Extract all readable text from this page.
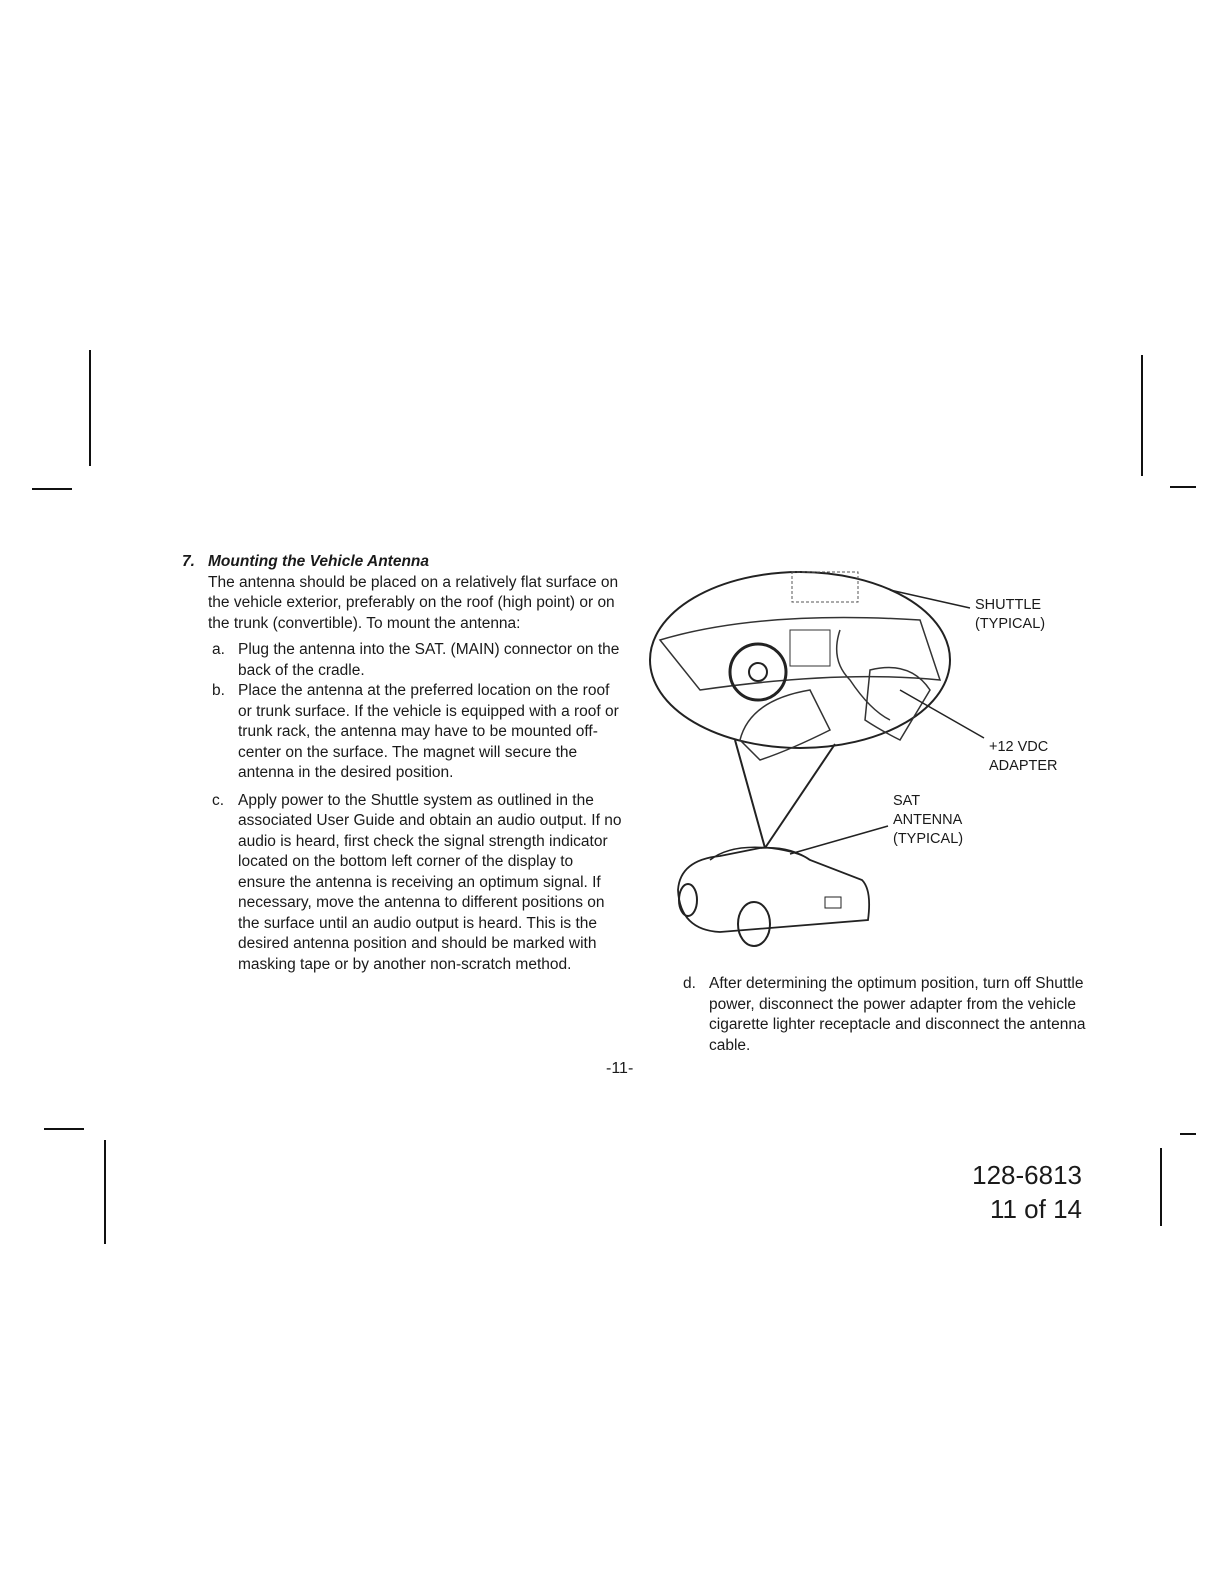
7. Mounting the Vehicle Antenna
The antenna should be placed on a relatively flat surface on the vehicle exterior, preferably on the roof (high point) or on the trunk (convertible). To mount the antenna:
a. Plug the antenna into the SAT. (MAIN) connector on the back of the cradle.
b. Place the antenna at the preferred location on the roof or trunk surface. If the vehicle is equipped with a roof or trunk rack, the antenna may have to be mounted off-center on the surface. The magnet will secure the antenna in the desired position.
c. Apply power to the Shuttle system as outlined in the associated User Guide and obtain an audio output. If no audio is heard, first check the signal strength indicator located on the bottom left corner of the display to ensure the antenna is receiving an optimum signal. If necessary, move the antenna to different positions on the surface until an audio output is heard. This is the desired antenna position and should be marked with masking tape or by another non-scratch method.
SHUTTLE
(TYPICAL)
+12 VDC
ADAPTER
SAT
ANTENNA
(TYPICAL)
d. After determining the optimum position, turn off Shuttle power, disconnect the power adapter from the vehicle cigarette lighter receptacle and disconnect the antenna cable.
-11-
128-6813
11 of 14
